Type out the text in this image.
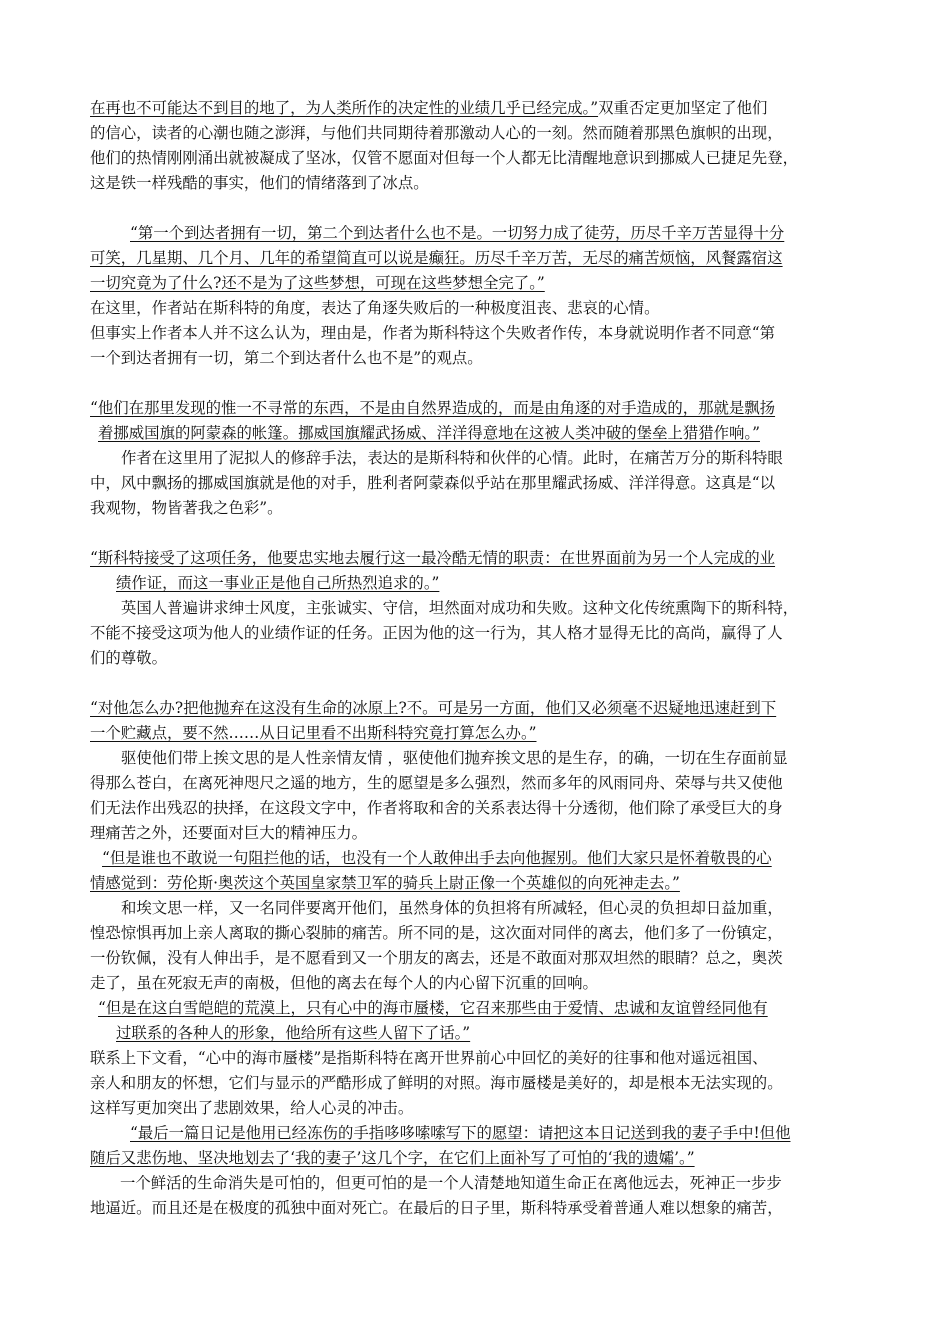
在再也不可能达不到目的地了，为人类所作的决定性的业绩几乎已经完成。”双重否定更加坚定了他们
的信心，读者的心潮也随之澎湃，与他们共同期待着那激动人心的一刻。然而随着那黑色旗帜的出现，
他们的热情刚刚涌出就被凝成了坚冰，仅管不愿面对但每一个人都无比清醒地意识到挪威人已捷足先登，
这是铁一样残酷的事实，他们的情绪落到了冰点。
“第一个到达者拥有一切，第二个到达者什么也不是。一切努力成了徒劳，历尽千辛万苦显得十分
可笑，几星期、几个月、几年的希望简直可以说是癫狂。历尽千辛万苦，无尽的痛苦烦恼，风餐露宿这
一切究竟为了什么?还不是为了这些梦想，可现在这些梦想全完了。”
在这里，作者站在斯科特的角度，表达了角逐失败后的一种极度沮丧、悲哀的心情。
但事实上作者本人并不这么认为，理由是，作者为斯科特这个失败者作传，本身就说明作者不同意“第
一个到达者拥有一切，第二个到达者什么也不是”的观点。
“他们在那里发现的惟一不寻常的东西，不是由自然界造成的，而是由角逐的对手造成的，那就是飘扬
着挪威国旗的阿蒙森的帐篷。挪威国旗耀武扬威、洋洋得意地在这被人类冲破的堡垒上猎猎作响。”
作者在这里用了泥拟人的修辞手法，表达的是斯科特和伙伴的心情。此时，在痛苦万分的斯科特眼
中，风中飘扬的挪威国旗就是他的对手，胜利者阿蒙森似乎站在那里耀武扬威、洋洋得意。这真是“以
我观物，物皆著我之色彩”。
“斯科特接受了这项任务，他要忠实地去履行这一最冷酷无情的职责：在世界面前为另一个人完成的业
绩作证，而这一事业正是他自己所热烈追求的。”
英国人普遍讲求绅士风度，主张诚实、守信，坦然面对成功和失败。这种文化传统熏陶下的斯科特，
不能不接受这项为他人的业绩作证的任务。正因为他的这一行为，其人格才显得无比的高尚，赢得了人
们的尊敬。
“对他怎么办?把他抛弃在这没有生命的冰原上?不。可是另一方面，他们又必须毫不迟疑地迅速赶到下
一个贮藏点，要不然……从日记里看不出斯科特究竟打算怎么办。”
驱使他们带上挨文思的是人性亲情友情 ，驱使他们抛弃挨文思的是生存，的确，一切在生存面前显
得那么苍白，在离死神咫尺之遥的地方，生的愿望是多么强烈，然而多年的风雨同舟、荣辱与共又使他
们无法作出残忍的抉择，在这段文字中，作者将取和舍的关系表达得十分透彻，他们除了承受巨大的身
理痛苦之外，还要面对巨大的精神压力。
“但是谁也不敢说一句阻拦他的话，也没有一个人敢伸出手去向他握别。他们大家只是怀着敬畏的心
情感觉到：劳伦斯·奥茨这个英国皇家禁卫军的骑兵上尉正像一个英雄似的向死神走去。”
和埃文思一样，又一名同伴要离开他们，虽然身体的负担将有所减轻，但心灵的负担却日益加重，
惶恐惊惧再加上亲人离取的撕心裂肺的痛苦。所不同的是，这次面对同伴的离去，他们多了一份镇定，
一份钦佩，没有人伸出手，是不愿看到又一个朋友的离去，还是不敢面对那双坦然的眼睛？总之，奥茨
走了，虽在死寂无声的南极，但他的离去在每个人的内心留下沉重的回响。
“但是在这白雪皑皑的荒漠上，只有心中的海市蜃楼，它召来那些由于爱情、忠诚和友谊曾经同他有
过联系的各种人的形象，他给所有这些人留下了话。”
联系上下文看，“心中的海市蜃楼”是指斯科特在离开世界前心中回忆的美好的往事和他对遥远祖国、
亲人和朋友的怀想，它们与显示的严酷形成了鲜明的对照。海市蜃楼是美好的，却是根本无法实现的。
这样写更加突出了悲剧效果，给人心灵的冲击。
“最后一篇日记是他用已经冻伤的手指哆哆嗦嗦写下的愿望：请把这本日记送到我的妻子手中!但他
随后又悲伤地、坚决地划去了‘我的妻子’这几个字，在它们上面补写了可怕的‘我的遗孀’。”
一个鲜活的生命消失是可怕的，但更可怕的是一个人清楚地知道生命正在离他远去，死神正一步步
地逼近。而且还是在极度的孤独中面对死亡。在最后的日子里，斯科特承受着普通人难以想象的痛苦，
